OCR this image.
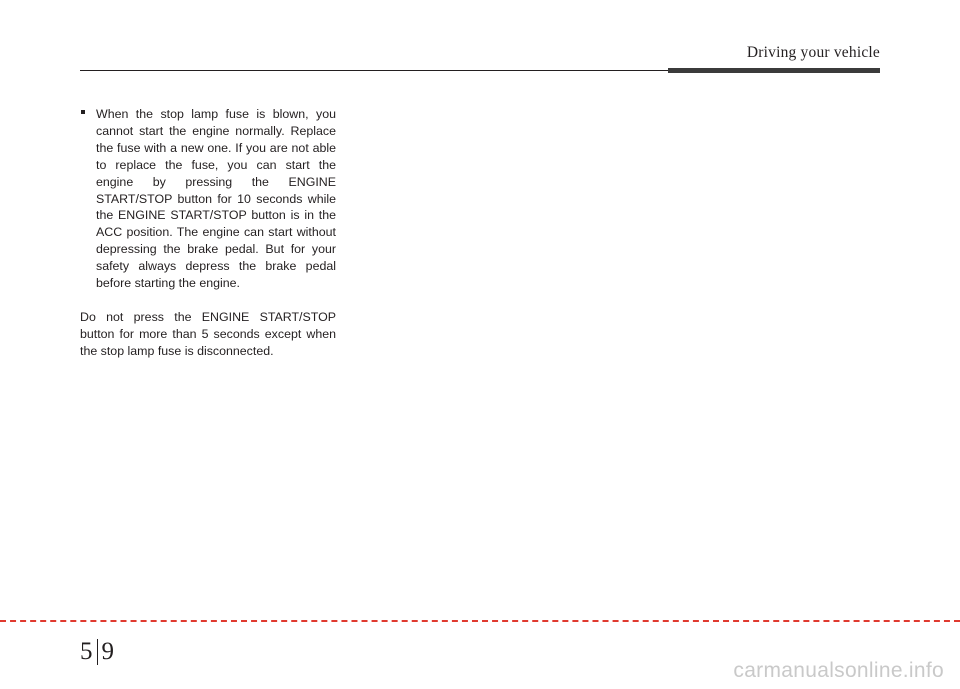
Driving your vehicle

When the stop lamp fuse is blown, you cannot start the engine normally. Replace the fuse with a new one. If you are not able to replace the fuse, you can start the engine by pressing the ENGINE START/STOP button for 10 seconds while the ENGINE START/STOP button is in the ACC position. The engine can start without depressing the brake pedal. But for your safety always depress the brake pedal before starting the engine.

Do not press the ENGINE START/STOP button for more than 5 seconds except when the stop lamp fuse is disconnected.

5 9
carmanualsonline.info
